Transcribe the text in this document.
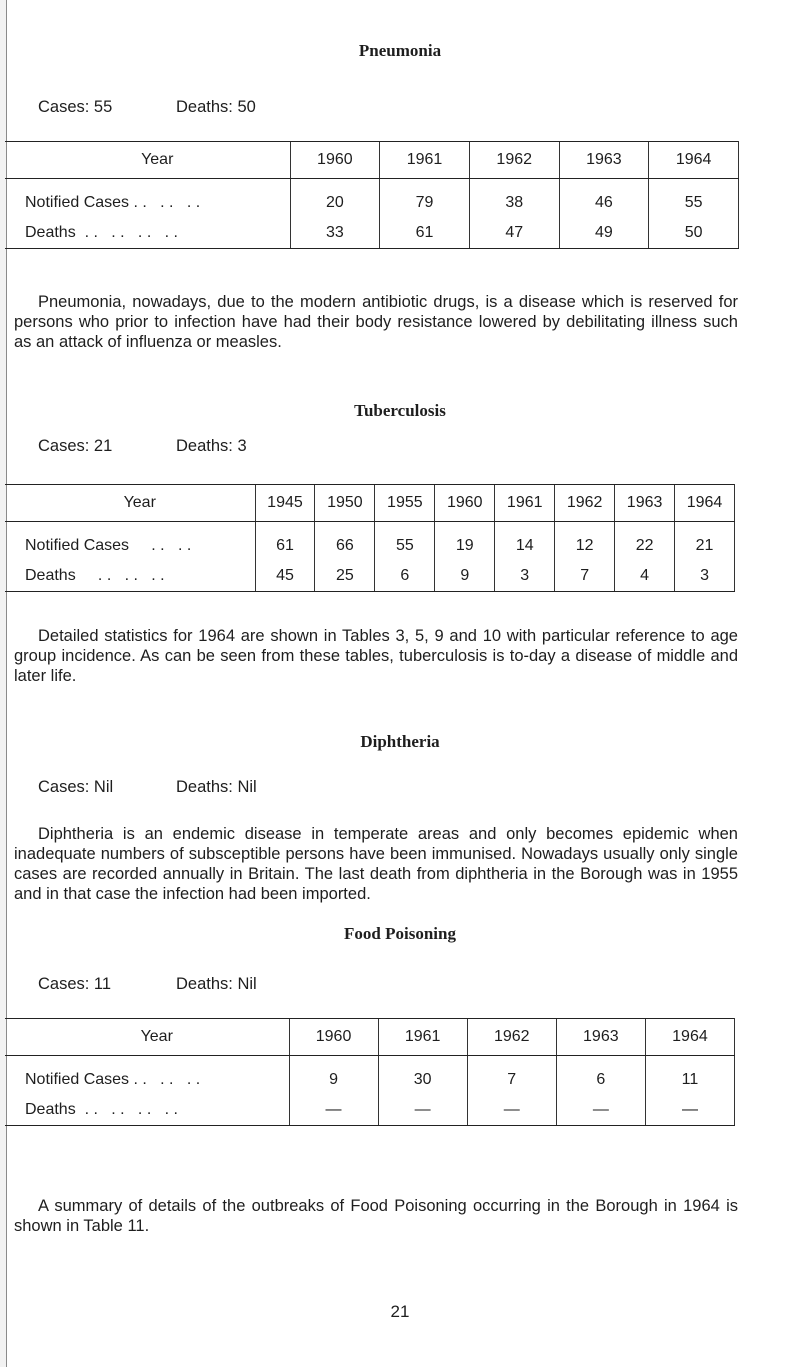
Pneumonia
Cases: 55	Deaths: 50
Year	1960	1961	1962	1963	1964
Notified Cases . .   . .   . .	20	79	38	46	55
Deaths  . .   . .   . .   . .	33	61	47	49	50

Pneumonia, nowadays, due to the modern antibiotic drugs, is a disease which is reserved for persons who prior to infection have had their body resistance lowered by debilitating illness such as an attack of influenza or measles.

Tuberculosis
Cases: 21	Deaths: 3
Year	1945	1950	1955	1960	1961	1962	1963	1964
Notified Cases     . .   . .	61	66	55	19	14	12	22	21
Deaths     . .   . .   . .	45	25	6	9	3	7	4	3

Detailed statistics for 1964 are shown in Tables 3, 5, 9 and 10 with particular reference to age group incidence. As can be seen from these tables, tuberculosis is to-day a disease of middle and later life.

Diphtheria
Cases: Nil	Deaths: Nil

Diphtheria is an endemic disease in temperate areas and only becomes epidemic when inadequate numbers of subsceptible persons have been immunised. Nowadays usually only single cases are recorded annually in Britain. The last death from diphtheria in the Borough was in 1955 and in that case the infection had been imported.

Food Poisoning
Cases: 11	Deaths: Nil
Year	1960	1961	1962	1963	1964
Notified Cases . .   . .   . .	9	30	7	6	11
Deaths  . .   . .   . .   . .	—	—	—	—	—

A summary of details of the outbreaks of Food Poisoning occurring in the Borough in 1964 is shown in Table 11.

21
